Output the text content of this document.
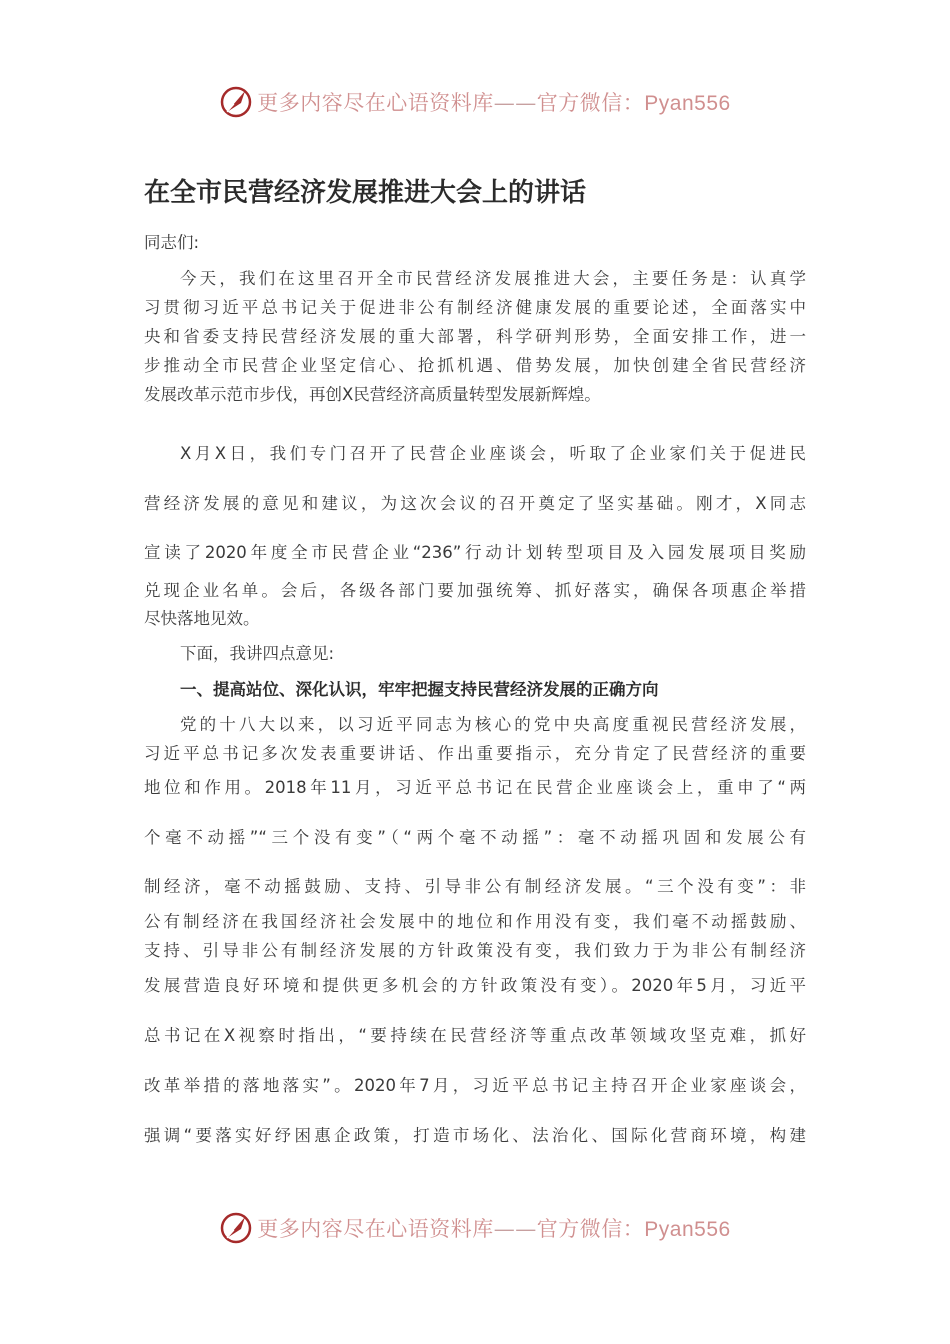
更多内容尽在心语资料库——官方微信：Pyan556
在全市民营经济发展推进大会上的讲话
同志们:
今天，我们在这里召开全市民营经济发展推进大会，主要任务是：认真学
习贯彻习近平总书记关于促进非公有制经济健康发展的重要论述，全面落实中
央和省委支持民营经济发展的重大部署，科学研判形势，全面安排工作，进一
步推动全市民营企业坚定信心、抢抓机遇、借势发展，加快创建全省民营经济
发展改革示范市步伐，再创X民营经济高质量转型发展新辉煌。
X月X日，我们专门召开了民营企业座谈会，听取了企业家们关于促进民
营经济发展的意见和建议，为这次会议的召开奠定了坚实基础。刚才，X同志
宣读了2020年度全市民营企业“236”行动计划转型项目及入园发展项目奖励
兑现企业名单。会后，各级各部门要加强统筹、抓好落实，确保各项惠企举措
尽快落地见效。
下面，我讲四点意见:
一、提高站位、深化认识，牢牢把握支持民营经济发展的正确方向
党的十八大以来，以习近平同志为核心的党中央高度重视民营经济发展，
习近平总书记多次发表重要讲话、作出重要指示，充分肯定了民营经济的重要
地位和作用。2018年11月，习近平总书记在民营企业座谈会上，重申了“两
个毫不动摇”“三个没有变”（“两个毫不动摇”：毫不动摇巩固和发展公有
制经济，毫不动摇鼓励、支持、引导非公有制经济发展。“三个没有变”：非
公有制经济在我国经济社会发展中的地位和作用没有变，我们毫不动摇鼓励、
支持、引导非公有制经济发展的方针政策没有变，我们致力于为非公有制经济
发展营造良好环境和提供更多机会的方针政策没有变）。2020年5月，习近平
总书记在X视察时指出，“要持续在民营经济等重点改革领域攻坚克难，抓好
改革举措的落地落实”。2020年7月，习近平总书记主持召开企业家座谈会，
强调“要落实好纾困惠企政策，打造市场化、法治化、国际化营商环境，构建
更多内容尽在心语资料库——官方微信：Pyan556
